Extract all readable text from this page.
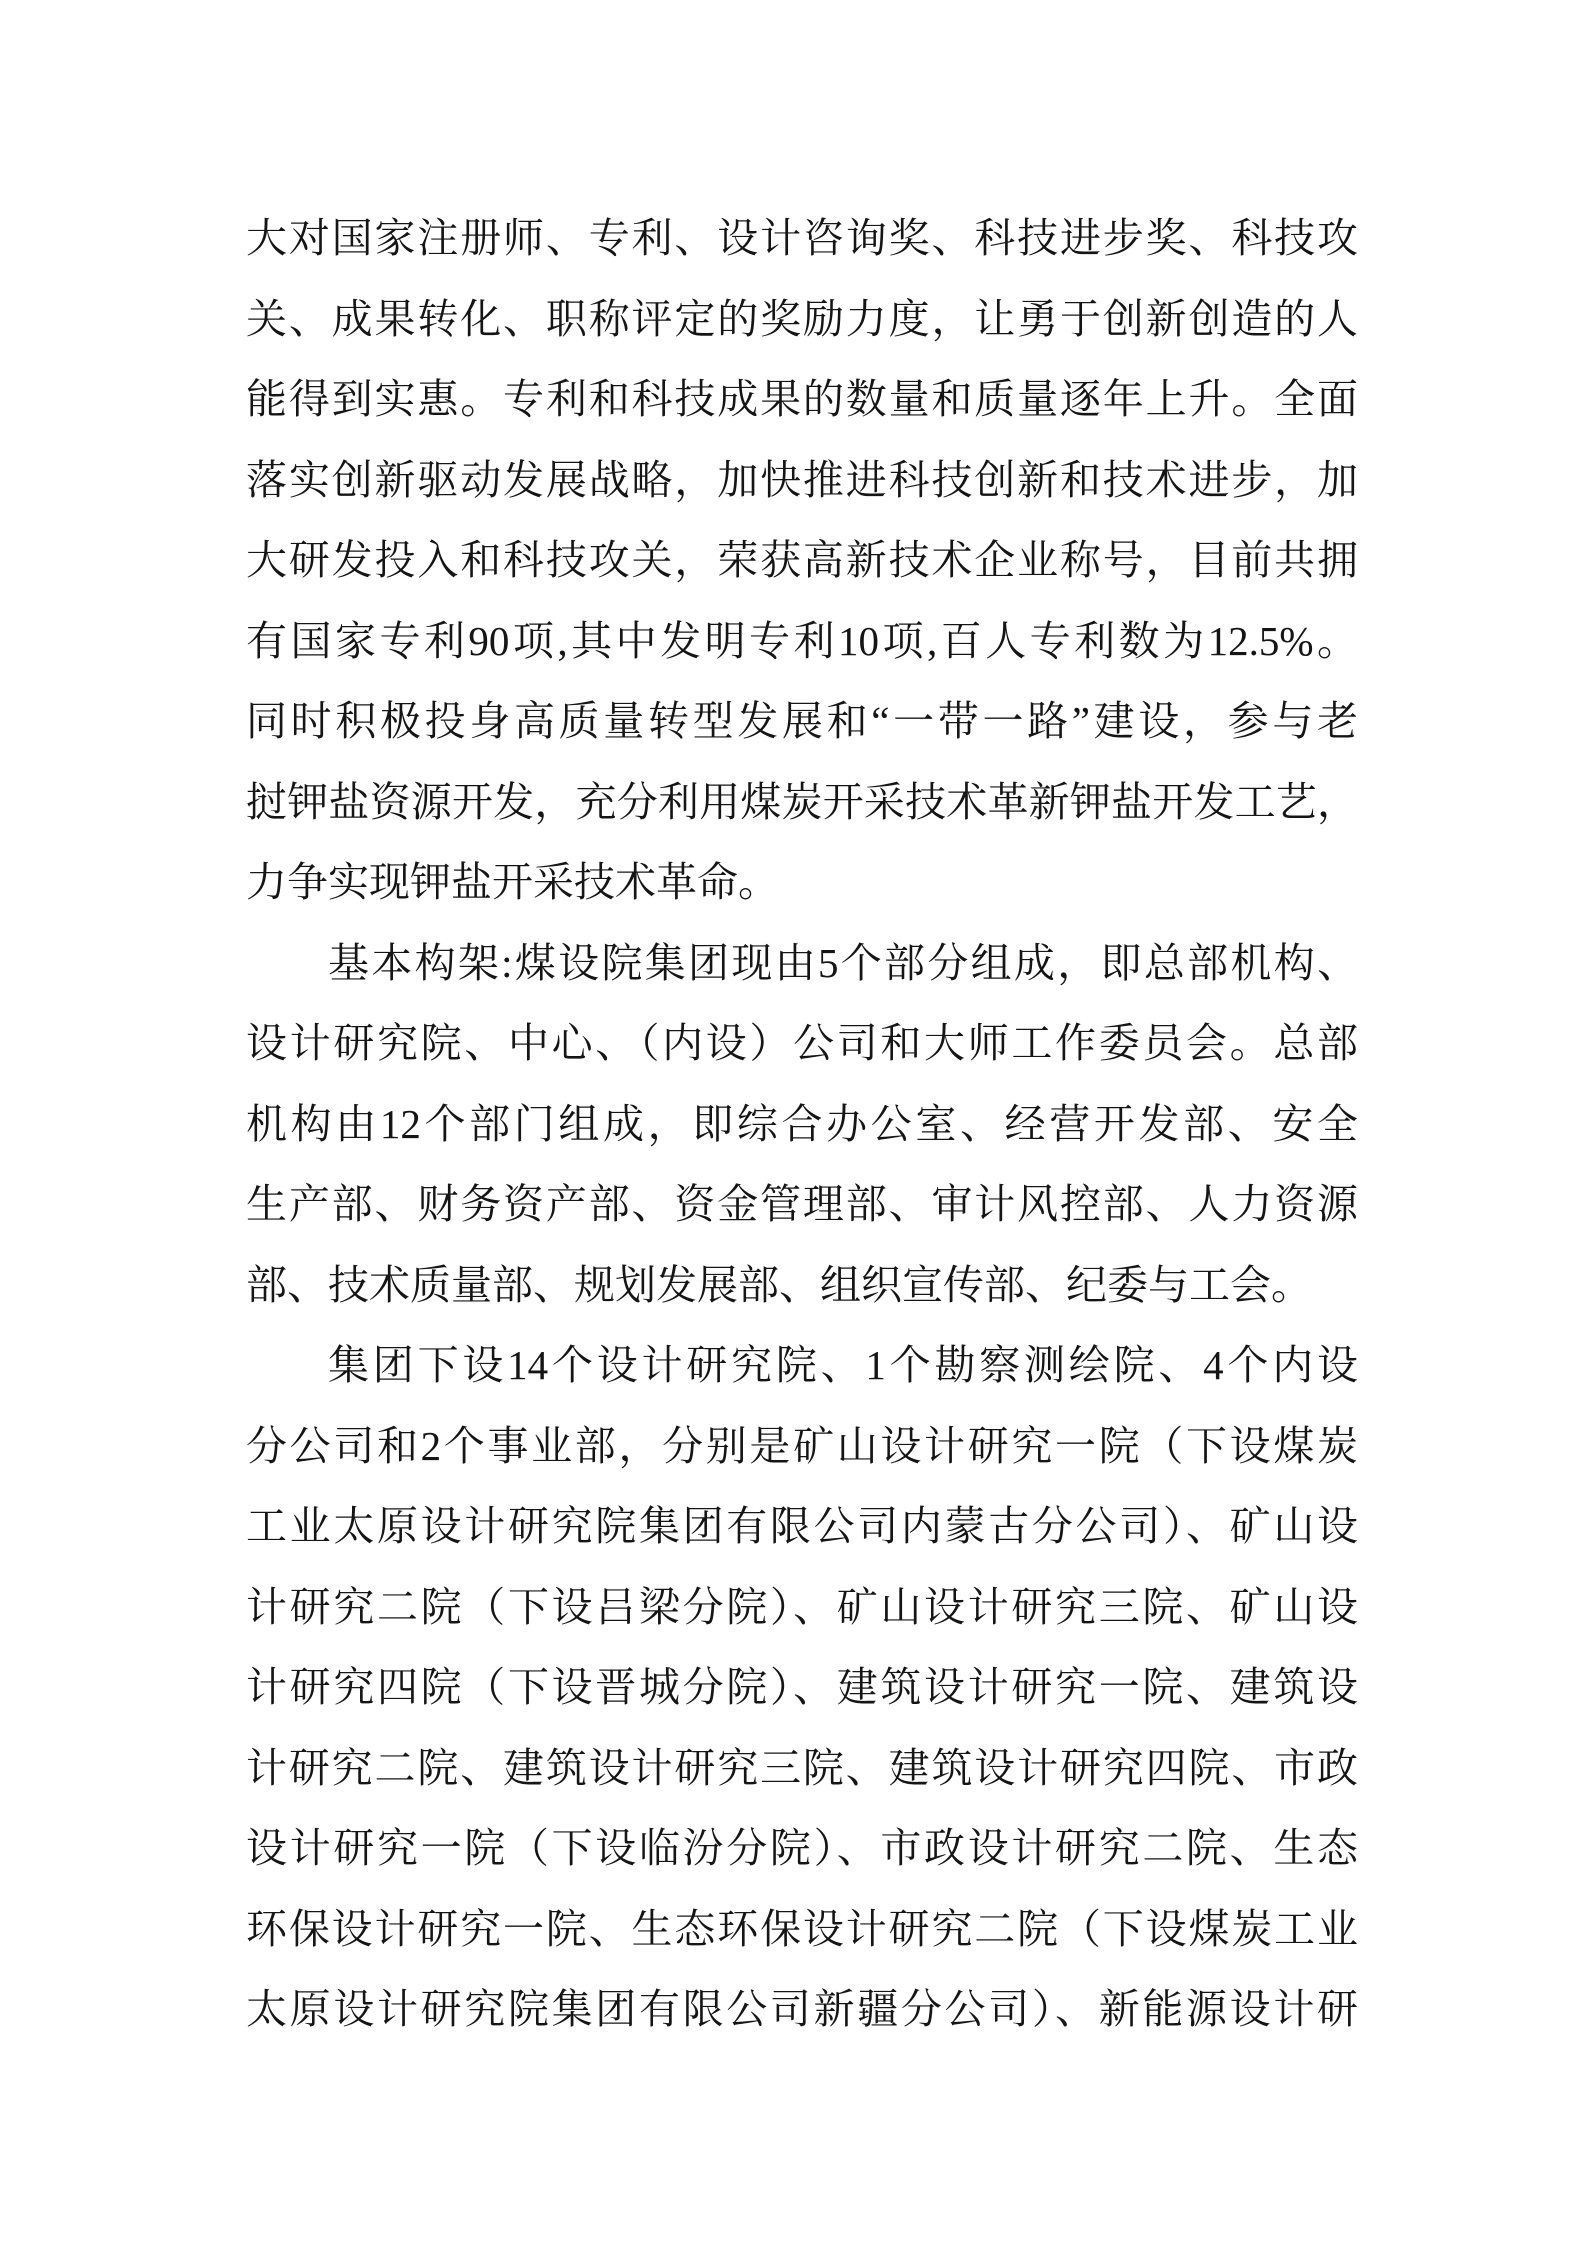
大对国家注册师、专利、设计咨询奖、科技进步奖、科技攻
关、成果转化、职称评定的奖励力度，让勇于创新创造的人
能得到实惠。专利和科技成果的数量和质量逐年上升。全面
落实创新驱动发展战略，加快推进科技创新和技术进步，加
大研发投入和科技攻关，荣获高新技术企业称号，目前共拥
有国家专利90项,其中发明专利10项,百人专利数为12.5%。
同时积极投身高质量转型发展和“一带一路”建设，参与老
挝钾盐资源开发，充分利用煤炭开采技术革新钾盐开发工艺，
力争实现钾盐开采技术革命。
基本构架:煤设院集团现由5个部分组成，即总部机构、
设计研究院、中心、（内设）公司和大师工作委员会。总部
机构由12个部门组成，即综合办公室、经营开发部、安全
生产部、财务资产部、资金管理部、审计风控部、人力资源
部、技术质量部、规划发展部、组织宣传部、纪委与工会。
集团下设14个设计研究院、1个勘察测绘院、4个内设
分公司和2个事业部，分别是矿山设计研究一院（下设煤炭
工业太原设计研究院集团有限公司内蒙古分公司）、矿山设
计研究二院（下设吕梁分院）、矿山设计研究三院、矿山设
计研究四院（下设晋城分院）、建筑设计研究一院、建筑设
计研究二院、建筑设计研究三院、建筑设计研究四院、市政
设计研究一院（下设临汾分院）、市政设计研究二院、生态
环保设计研究一院、生态环保设计研究二院（下设煤炭工业
太原设计研究院集团有限公司新疆分公司）、新能源设计研
